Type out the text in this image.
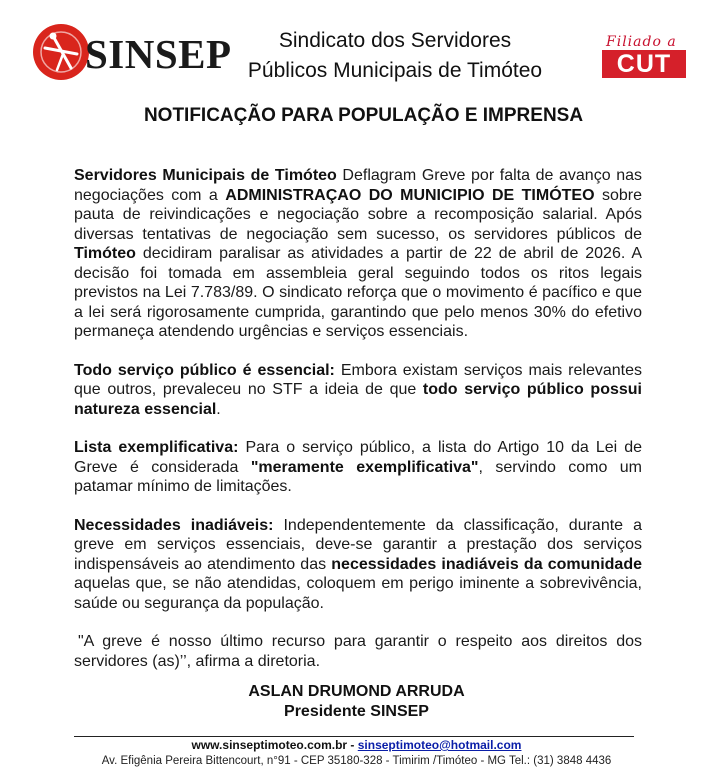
SINSEP	Sindicato dos Servidores
Públicos Municipais de Timóteo
Filiado a
CUT
NOTIFICAÇÃO PARA POPULAÇÃO E IMPRENSA

Servidores Municipais de Timóteo Deflagram Greve por falta de avanço nas negociações com a ADMINISTRAÇAO DO MUNICIPIO DE TIMÓTEO sobre pauta de reivindicações e negociação sobre a recomposição salarial. Após diversas tentativas de negociação sem sucesso, os servidores públicos de Timóteo decidiram paralisar as atividades a partir de 22 de abril de 2026. A decisão foi tomada em assembleia geral seguindo todos os ritos legais previstos na Lei 7.783/89. O sindicato reforça que o movimento é pacífico e que a lei será rigorosamente cumprida, garantindo que pelo menos 30% do efetivo permaneça atendendo urgências e serviços essenciais.

Todo serviço público é essencial: Embora existam serviços mais relevantes que outros, prevaleceu no STF a ideia de que todo serviço público possui natureza essencial.

Lista exemplificativa: Para o serviço público, a lista do Artigo 10 da Lei de Greve é considerada "meramente exemplificativa", servindo como um patamar mínimo de limitações.

Necessidades inadiáveis: Independentemente da classificação, durante a greve em serviços essenciais, deve-se garantir a prestação dos serviços indispensáveis ao atendimento das necessidades inadiáveis da comunidade aquelas que, se não atendidas, coloquem em perigo iminente a sobrevivência, saúde ou segurança da população.

"A greve é nosso último recurso para garantir o respeito aos direitos dos servidores (as)’’, afirma a diretoria.

ASLAN DRUMOND ARRUDA
Presidente SINSEP
www.sinseptimoteo.com.br - sinseptimoteo@hotmail.com
Av. Efigênia Pereira Bittencourt, n°91 - CEP 35180-328 - Timirim /Timóteo - MG Tel.: (31) 3848 4436
